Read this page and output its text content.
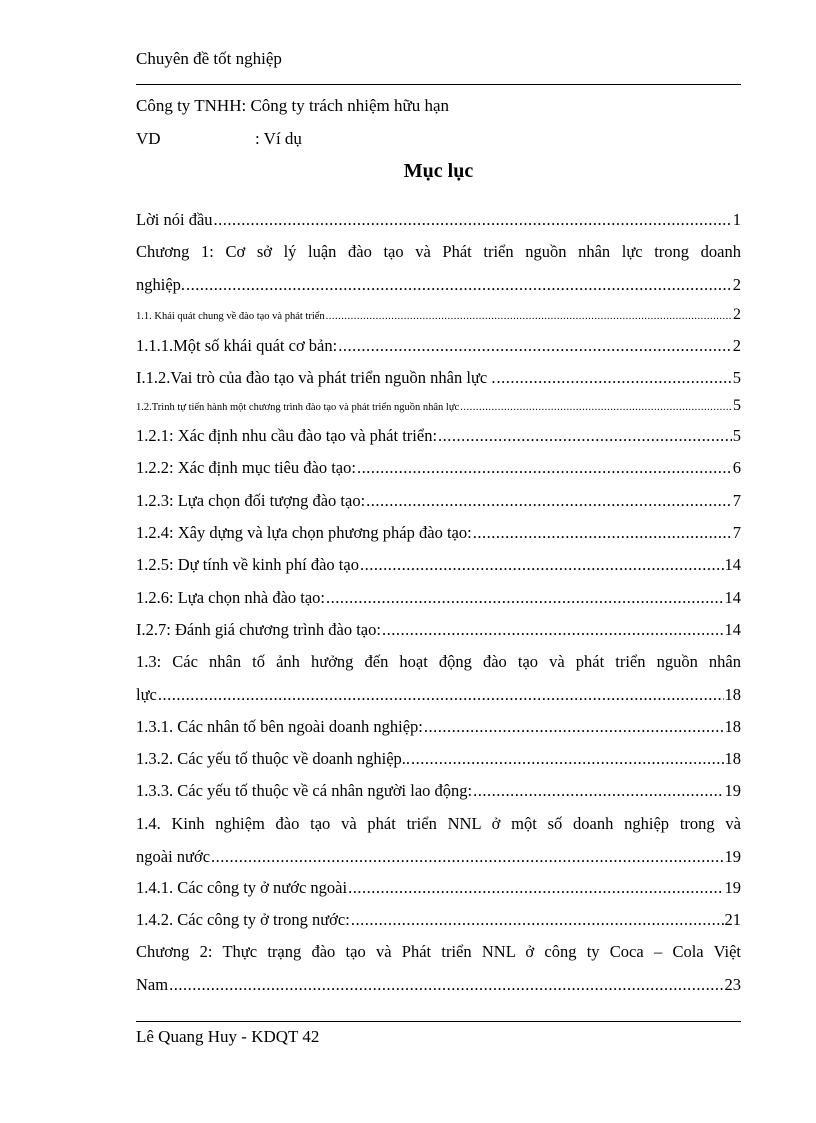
Chuyên đề tốt nghiệp
Công ty TNHH: Công ty trách nhiệm hữu hạn
VD	: Ví dụ
Mục lục
Lời nói đầu .....	1
Chương 1: Cơ sở lý luận đào tạo và Phát triển nguồn nhân lực trong doanh
nghiệp. .....	2
1.1. Khái quát chung về đào tạo và phát triển .....	2
1.1.1.Một số khái quát cơ bản: .....	2
I.1.2.Vai trò của đào tạo và phát triển nguồn nhân lực . .....	5
1.2.Trình tự tiến hành một chương trình đào tạo và phát triển nguồn nhân lực .....	5
1.2.1: Xác định nhu cầu đào tạo và phát triển: .....	5
1.2.2: Xác định mục tiêu đào tạo: .....	6
1.2.3: Lựa chọn đối tượng đào tạo: .....	7
1.2.4: Xây dựng và lựa chọn phương pháp đào tạo: .....	7
1.2.5: Dự tính về kinh phí đào tạo .....	14
1.2.6: Lựa chọn nhà đào tạo: .....	14
I.2.7: Đánh giá chương trình đào tạo: .....	14
1.3: Các nhân tố ảnh hưởng đến hoạt động đào tạo và phát triển nguồn nhân
lực .....	18
1.3.1. Các nhân tố bên ngoài doanh nghiệp: .....	18
1.3.2. Các yếu tố thuộc về doanh nghiệp.. .....	18
1.3.3. Các yếu tố thuộc về cá nhân người lao động: .....	19
1.4. Kinh nghiệm đào tạo và phát triển NNL ở một số doanh nghiệp trong và
ngoài nước .....	19
1.4.1. Các công ty ở nước ngoài .....	19
1.4.2. Các công ty ở trong nước: .....	21
Chương 2: Thực trạng đào tạo và Phát triển NNL ở công ty Coca – Cola Việt
Nam .....	23
Lê Quang Huy - KDQT 42
